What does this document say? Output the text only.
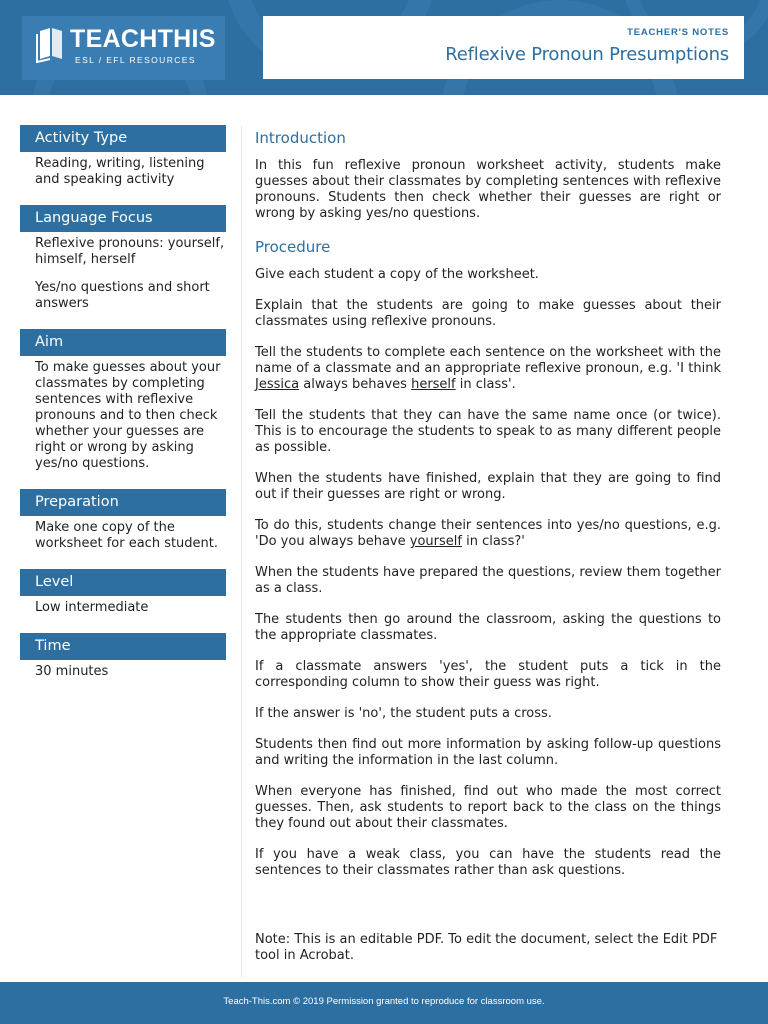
TEACHTHIS
ESL / EFL RESOURCES
TEACHER'S NOTES
Reflexive Pronoun Presumptions
Activity Type

Reading, writing, listening and speaking activity

Language Focus

Reflexive pronouns: yourself, himself, herself

Yes/no questions and short answers

Aim

To make guesses about your classmates by completing sentences with reflexive pronouns and to then check whether your guesses are right or wrong by asking yes/no questions.

Preparation

Make one copy of the worksheet for each student.

Level

Low intermediate

Time

30 minutes

Introduction

In this fun reflexive pronoun worksheet activity, students make guesses about their classmates by completing sentences with reflexive pronouns. Students then check whether their guesses are right or wrong by asking yes/no questions.

Procedure

Give each student a copy of the worksheet.

Explain that the students are going to make guesses about their classmates using reflexive pronouns.

Tell the students to complete each sentence on the worksheet with the name of a classmate and an appropriate reflexive pronoun, e.g. 'I think Jessica always behaves herself in class'.

Tell the students that they can have the same name once (or twice). This is to encourage the students to speak to as many different people as possible.

When the students have finished, explain that they are going to find out if their guesses are right or wrong.

To do this, students change their sentences into yes/no questions, e.g. 'Do you always behave yourself in class?'

When the students have prepared the questions, review them together as a class.

The students then go around the classroom, asking the questions to the appropriate classmates.

If a classmate answers 'yes', the student puts a tick in the corresponding column to show their guess was right.

If the answer is 'no', the student puts a cross.

Students then find out more information by asking follow-up questions and writing the information in the last column.

When everyone has finished, find out who made the most correct guesses. Then, ask students to report back to the class on the things they found out about their classmates.

If you have a weak class, you can have the students read the sentences to their classmates rather than ask questions.

Note: This is an editable PDF. To edit the document, select the Edit PDF tool in Acrobat.
Teach-This.com © 2019 Permission granted to reproduce for classroom use.
